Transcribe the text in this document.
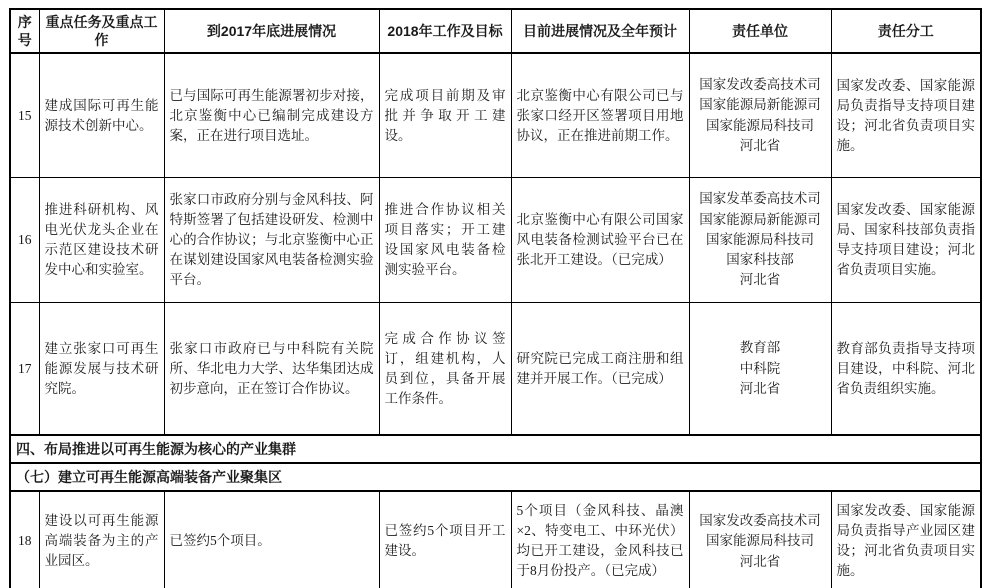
序号	重点任务及重点工作	到2017年底进展情况	2018年工作及目标	目前进展情况及全年预计	责任单位	责任分工
15	建成国际可再生能源技术创新中心。	已与国际可再生能源署初步对接，北京鉴衡中心已编制完成建设方案，正在进行项目选址。	完成项目前期及审批并争取开工建设。	北京鉴衡中心有限公司已与张家口经开区签署项目用地协议，正在推进前期工作。	国家发改委高技术司
国家能源局新能源司
国家能源局科技司
河北省	国家发改委、国家能源局负责指导支持项目建设；河北省负责项目实施。
16	推进科研机构、风电光伏龙头企业在示范区建设技术研发中心和实验室。	张家口市政府分别与金风科技、阿特斯签署了包括建设研发、检测中心的合作协议；与北京鉴衡中心正在谋划建设国家风电装备检测实验平台。	推进合作协议相关项目落实；开工建设国家风电装备检测实验平台。	北京鉴衡中心有限公司国家风电装备检测试验平台已在张北开工建设。（已完成）	国家发革委高技术司
国家能源局新能源司
国家能源局科技司
国家科技部
河北省	国家发改委、国家能源局、国家科技部负责指导支持项目建设；河北省负责项目实施。
17	建立张家口可再生能源发展与技术研究院。	张家口市政府已与中科院有关院所、华北电力大学、达华集团达成初步意向，正在签订合作协议。	完成合作协议签订，组建机构，人员到位，具备开展工作条件。	研究院已完成工商注册和组建并开展工作。（已完成）	教育部
中科院
河北省	教育部负责指导支持项目建设，中科院、河北省负责组织实施。
四、布局推进以可再生能源为核心的产业集群						
（七）建立可再生能源高端装备产业聚集区						
18	建设以可再生能源高端装备为主的产业园区。	已签约5个项目。	已签约5个项目开工建设。	5个项目（金风科技、晶澳×2、特变电工、中环光伏）均已开工建设，金风科技已于8月份投产。（已完成）	国家发改委高技术司
国家能源局科技司
河北省	国家发改委、国家能源局负责指导产业园区建设；河北省负责项目实施。
